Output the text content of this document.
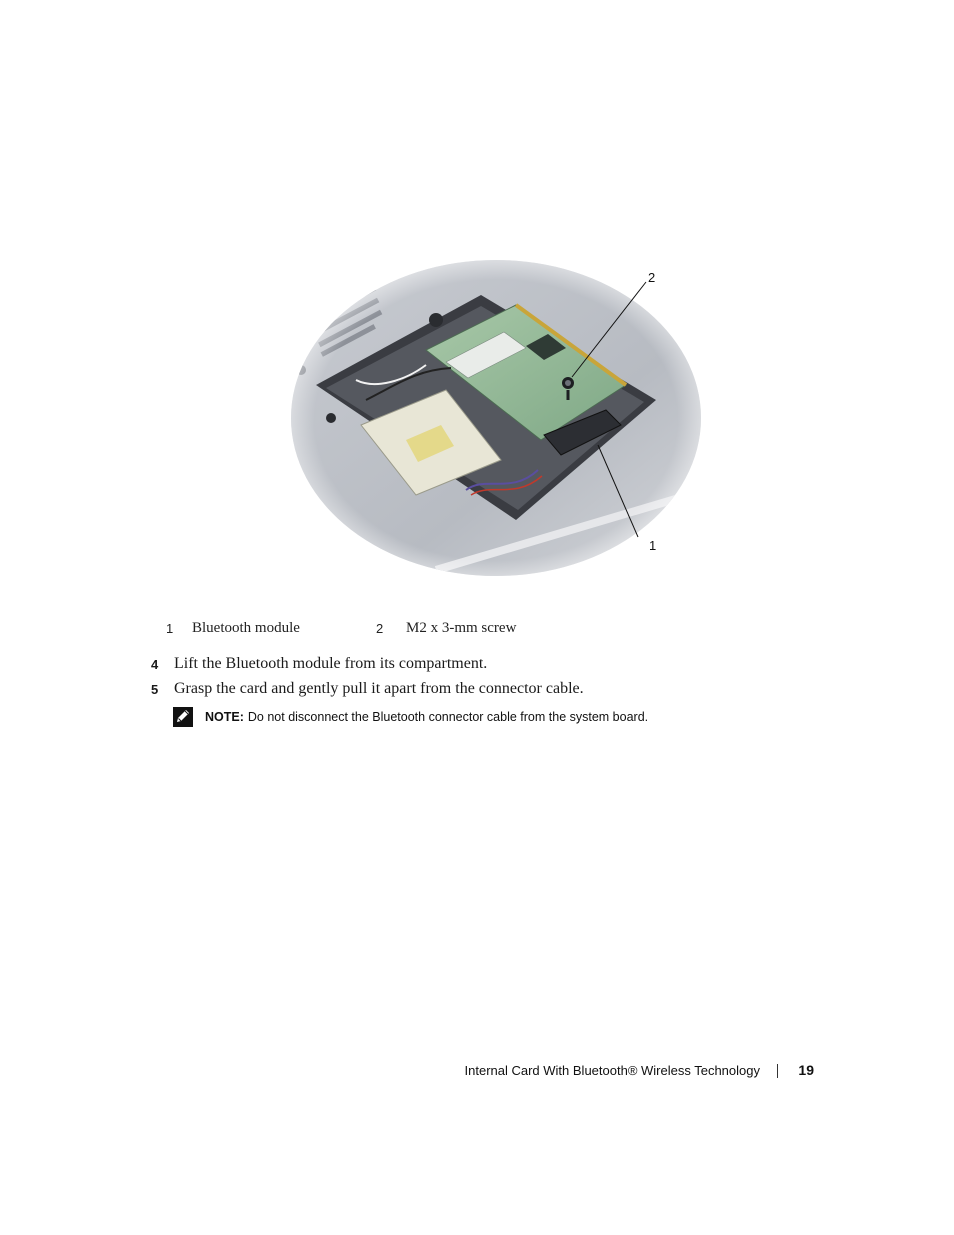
2
1
1 Bluetooth module	2 M2 x 3-mm screw
4 Lift the Bluetooth module from its compartment.
5 Grasp the card and gently pull it apart from the connector cable.
NOTE: Do not disconnect the Bluetooth connector cable from the system board.
Internal Card With Bluetooth® Wireless Technology	19
